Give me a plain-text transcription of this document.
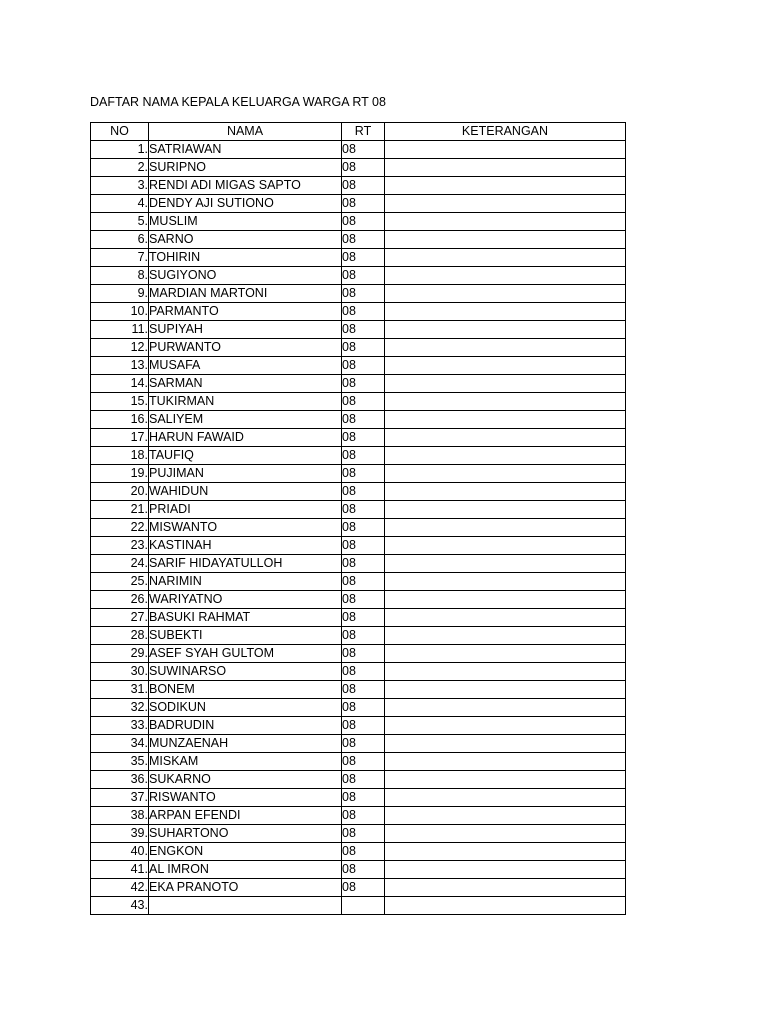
DAFTAR NAMA KEPALA KELUARGA WARGA RT 08
NO	NAMA	RT	KETERANGAN
1.	SATRIAWAN	08	
2.	SURIPNO	08	
3.	RENDI ADI MIGAS SAPTO	08	
4.	DENDY AJI SUTIONO	08	
5.	MUSLIM	08	
6.	SARNO	08	
7.	TOHIRIN	08	
8.	SUGIYONO	08	
9.	MARDIAN MARTONI	08	
10.	PARMANTO	08	
11.	SUPIYAH	08	
12.	PURWANTO	08	
13.	MUSAFA	08	
14.	SARMAN	08	
15.	TUKIRMAN	08	
16.	SALIYEM	08	
17.	HARUN FAWAID	08	
18.	TAUFIQ	08	
19.	PUJIMAN	08	
20.	WAHIDUN	08	
21.	PRIADI	08	
22.	MISWANTO	08	
23.	KASTINAH	08	
24.	SARIF HIDAYATULLOH	08	
25.	NARIMIN	08	
26.	WARIYATNO	08	
27.	BASUKI RAHMAT	08	
28.	SUBEKTI	08	
29.	ASEF SYAH GULTOM	08	
30.	SUWINARSO	08	
31.	BONEM	08	
32.	SODIKUN	08	
33.	BADRUDIN	08	
34.	MUNZAENAH	08	
35.	MISKAM	08	
36.	SUKARNO	08	
37.	RISWANTO	08	
38.	ARPAN EFENDI	08	
39.	SUHARTONO	08	
40.	ENGKON	08	
41.	AL IMRON	08	
42.	EKA PRANOTO	08	
43.			
